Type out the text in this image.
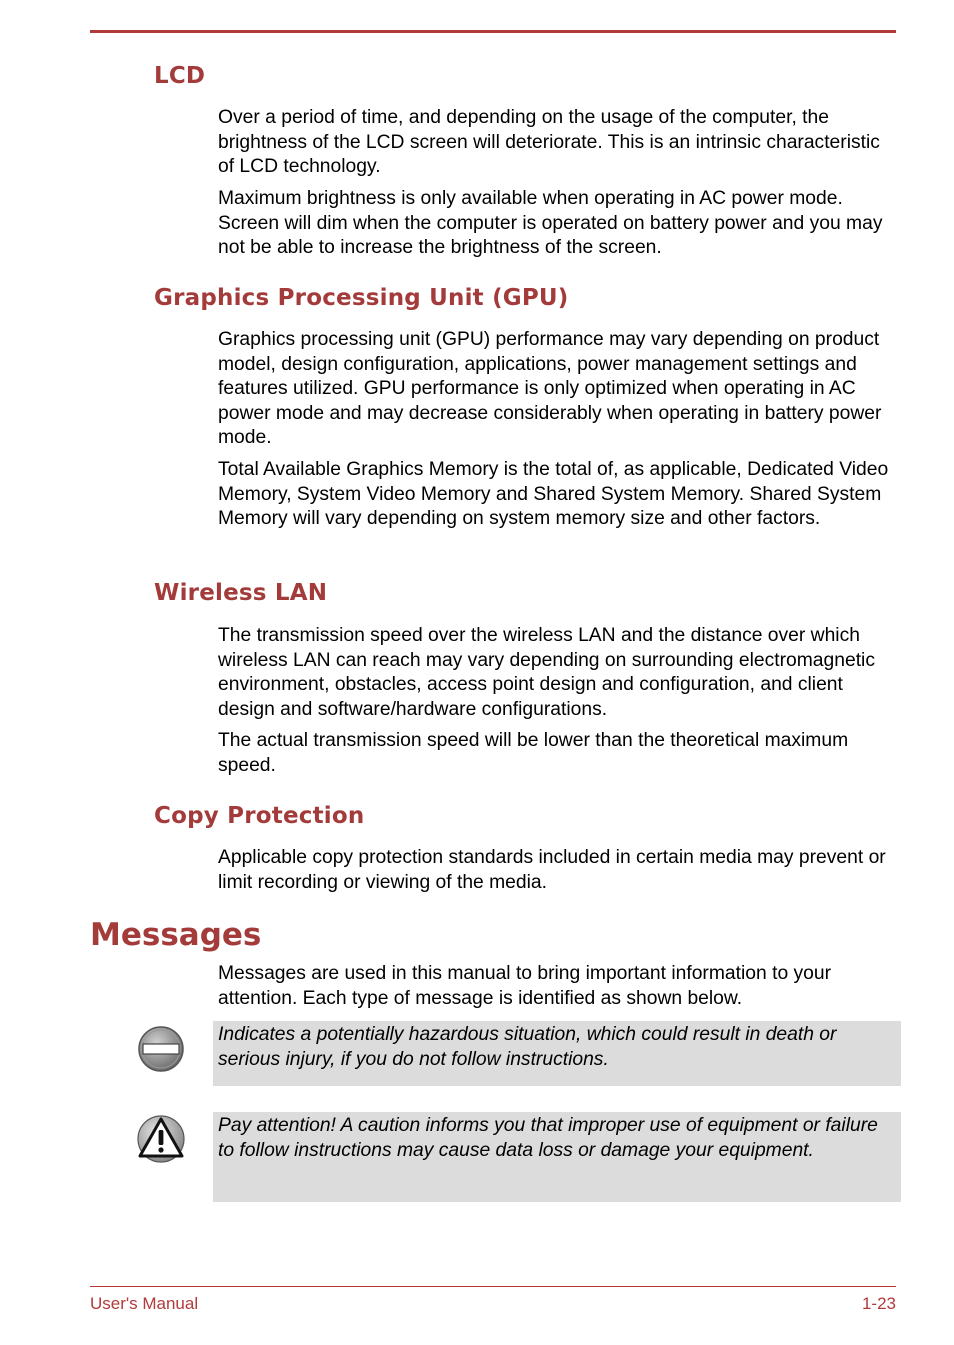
LCD

Over a period of time, and depending on the usage of the computer, the brightness of the LCD screen will deteriorate. This is an intrinsic characteristic of LCD technology.

Maximum brightness is only available when operating in AC power mode. Screen will dim when the computer is operated on battery power and you may not be able to increase the brightness of the screen.

Graphics Processing Unit (GPU)

Graphics processing unit (GPU) performance may vary depending on product model, design configuration, applications, power management settings and features utilized. GPU performance is only optimized when operating in AC power mode and may decrease considerably when operating in battery power mode.

Total Available Graphics Memory is the total of, as applicable, Dedicated Video Memory, System Video Memory and Shared System Memory. Shared System Memory will vary depending on system memory size and other factors.

Wireless LAN

The transmission speed over the wireless LAN and the distance over which wireless LAN can reach may vary depending on surrounding electromagnetic environment, obstacles, access point design and configuration, and client design and software/hardware configurations.

The actual transmission speed will be lower than the theoretical maximum speed.

Copy Protection

Applicable copy protection standards included in certain media may prevent or limit recording or viewing of the media.

Messages

Messages are used in this manual to bring important information to your attention. Each type of message is identified as shown below.

Indicates a potentially hazardous situation, which could result in death or serious injury, if you do not follow instructions.

Pay attention! A caution informs you that improper use of equipment or failure to follow instructions may cause data loss or damage your equipment.

User's Manual	1-23
